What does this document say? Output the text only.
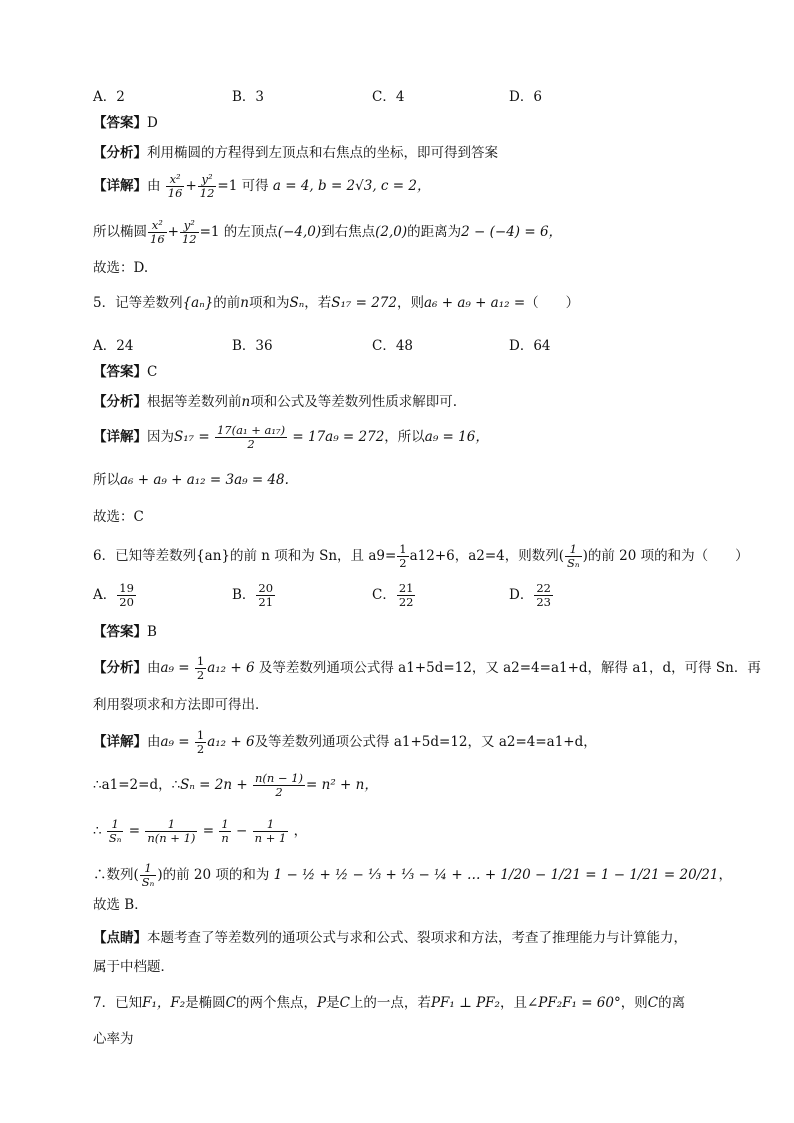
A．2	B．3	C．4	D．6
【答案】D
【分析】利用椭圆的方程得到左顶点和右焦点的坐标，即可得到答案
【详解】由 $\frac{\text{x²}}{16} + \frac{\text{y²}}{12} =1$ 可得 a = 4, b = 2√3, c = 2，
所以椭圆 $\frac{\text{x²}}{16} + \frac{\text{y²}}{12} =1$ 的左顶点(−4,0)到右焦点(2,0)的距离为2 − (−4) = 6，
故选：D.
5．记等差数列{aₙ}的前n项和为Sₙ，若S₁₇ = 272，则a₆ + a₉ + a₁₂ =（　　）
A．24	B．36	C．48	D．64
【答案】C
【分析】根据等差数列前n项和公式及等差数列性质求解即可.
【详解】因为$S_{17} = \frac{\text{17(a₁ + a₁₇)}}{2} = 17a_9 = 272$，所以a₉ = 16，
所以a₆ + a₉ + a₁₂ = 3a₉ = 48.
故选：C
6．已知等差数列{an}的前 n 项和为 Sn，且 $a9= \frac{1}{2} a12+6$，a2=4，则数列( $\frac{1}{\text{Sₙ}}$ )的前 20 项的和为（　　）
A． $\frac{19}{20}$	B． $\frac{20}{21}$	C． $\frac{21}{22}$	D． $\frac{22}{23}$
【答案】B
【分析】由$a_9 = \frac{1}{2} a_{12} + 6$ 及等差数列通项公式得 a1+5d=12，又 a2=4=a1+d，解得 a1，d，可得 Sn．再
利用裂项求和方法即可得出．
【详解】由$a_9 = \frac{1}{2} a_{12} + 6$及等差数列通项公式得 a1+5d=12，又 a2=4=a1+d，
∴a1=2=d，∴Sₙ = $2n + \frac{n(n - 1)}{2} = n^2 + n$，
∴ $\frac{1}{\text{Sₙ}} = \frac{1}{n(n + 1)} = \frac{1}{n} - \frac{1}{n + 1}$ ，
∴数列( $\frac{1}{\text{Sₙ}}$ )的前 20 项的和为 1 − ½ + ½ − ⅓ + ⅓ − ¼ + … + 1/20 − 1/21 = 1 − 1/21 = 20/21，
故选 B．
【点睛】本题考查了等差数列的通项公式与求和公式、裂项求和方法，考查了推理能力与计算能力，
属于中档题．
7．已知F₁，F₂是椭圆C的两个焦点，P是C上的一点，若PF₁ ⊥ PF₂，且∠PF₂F₁ = 60°，则C的离
心率为
